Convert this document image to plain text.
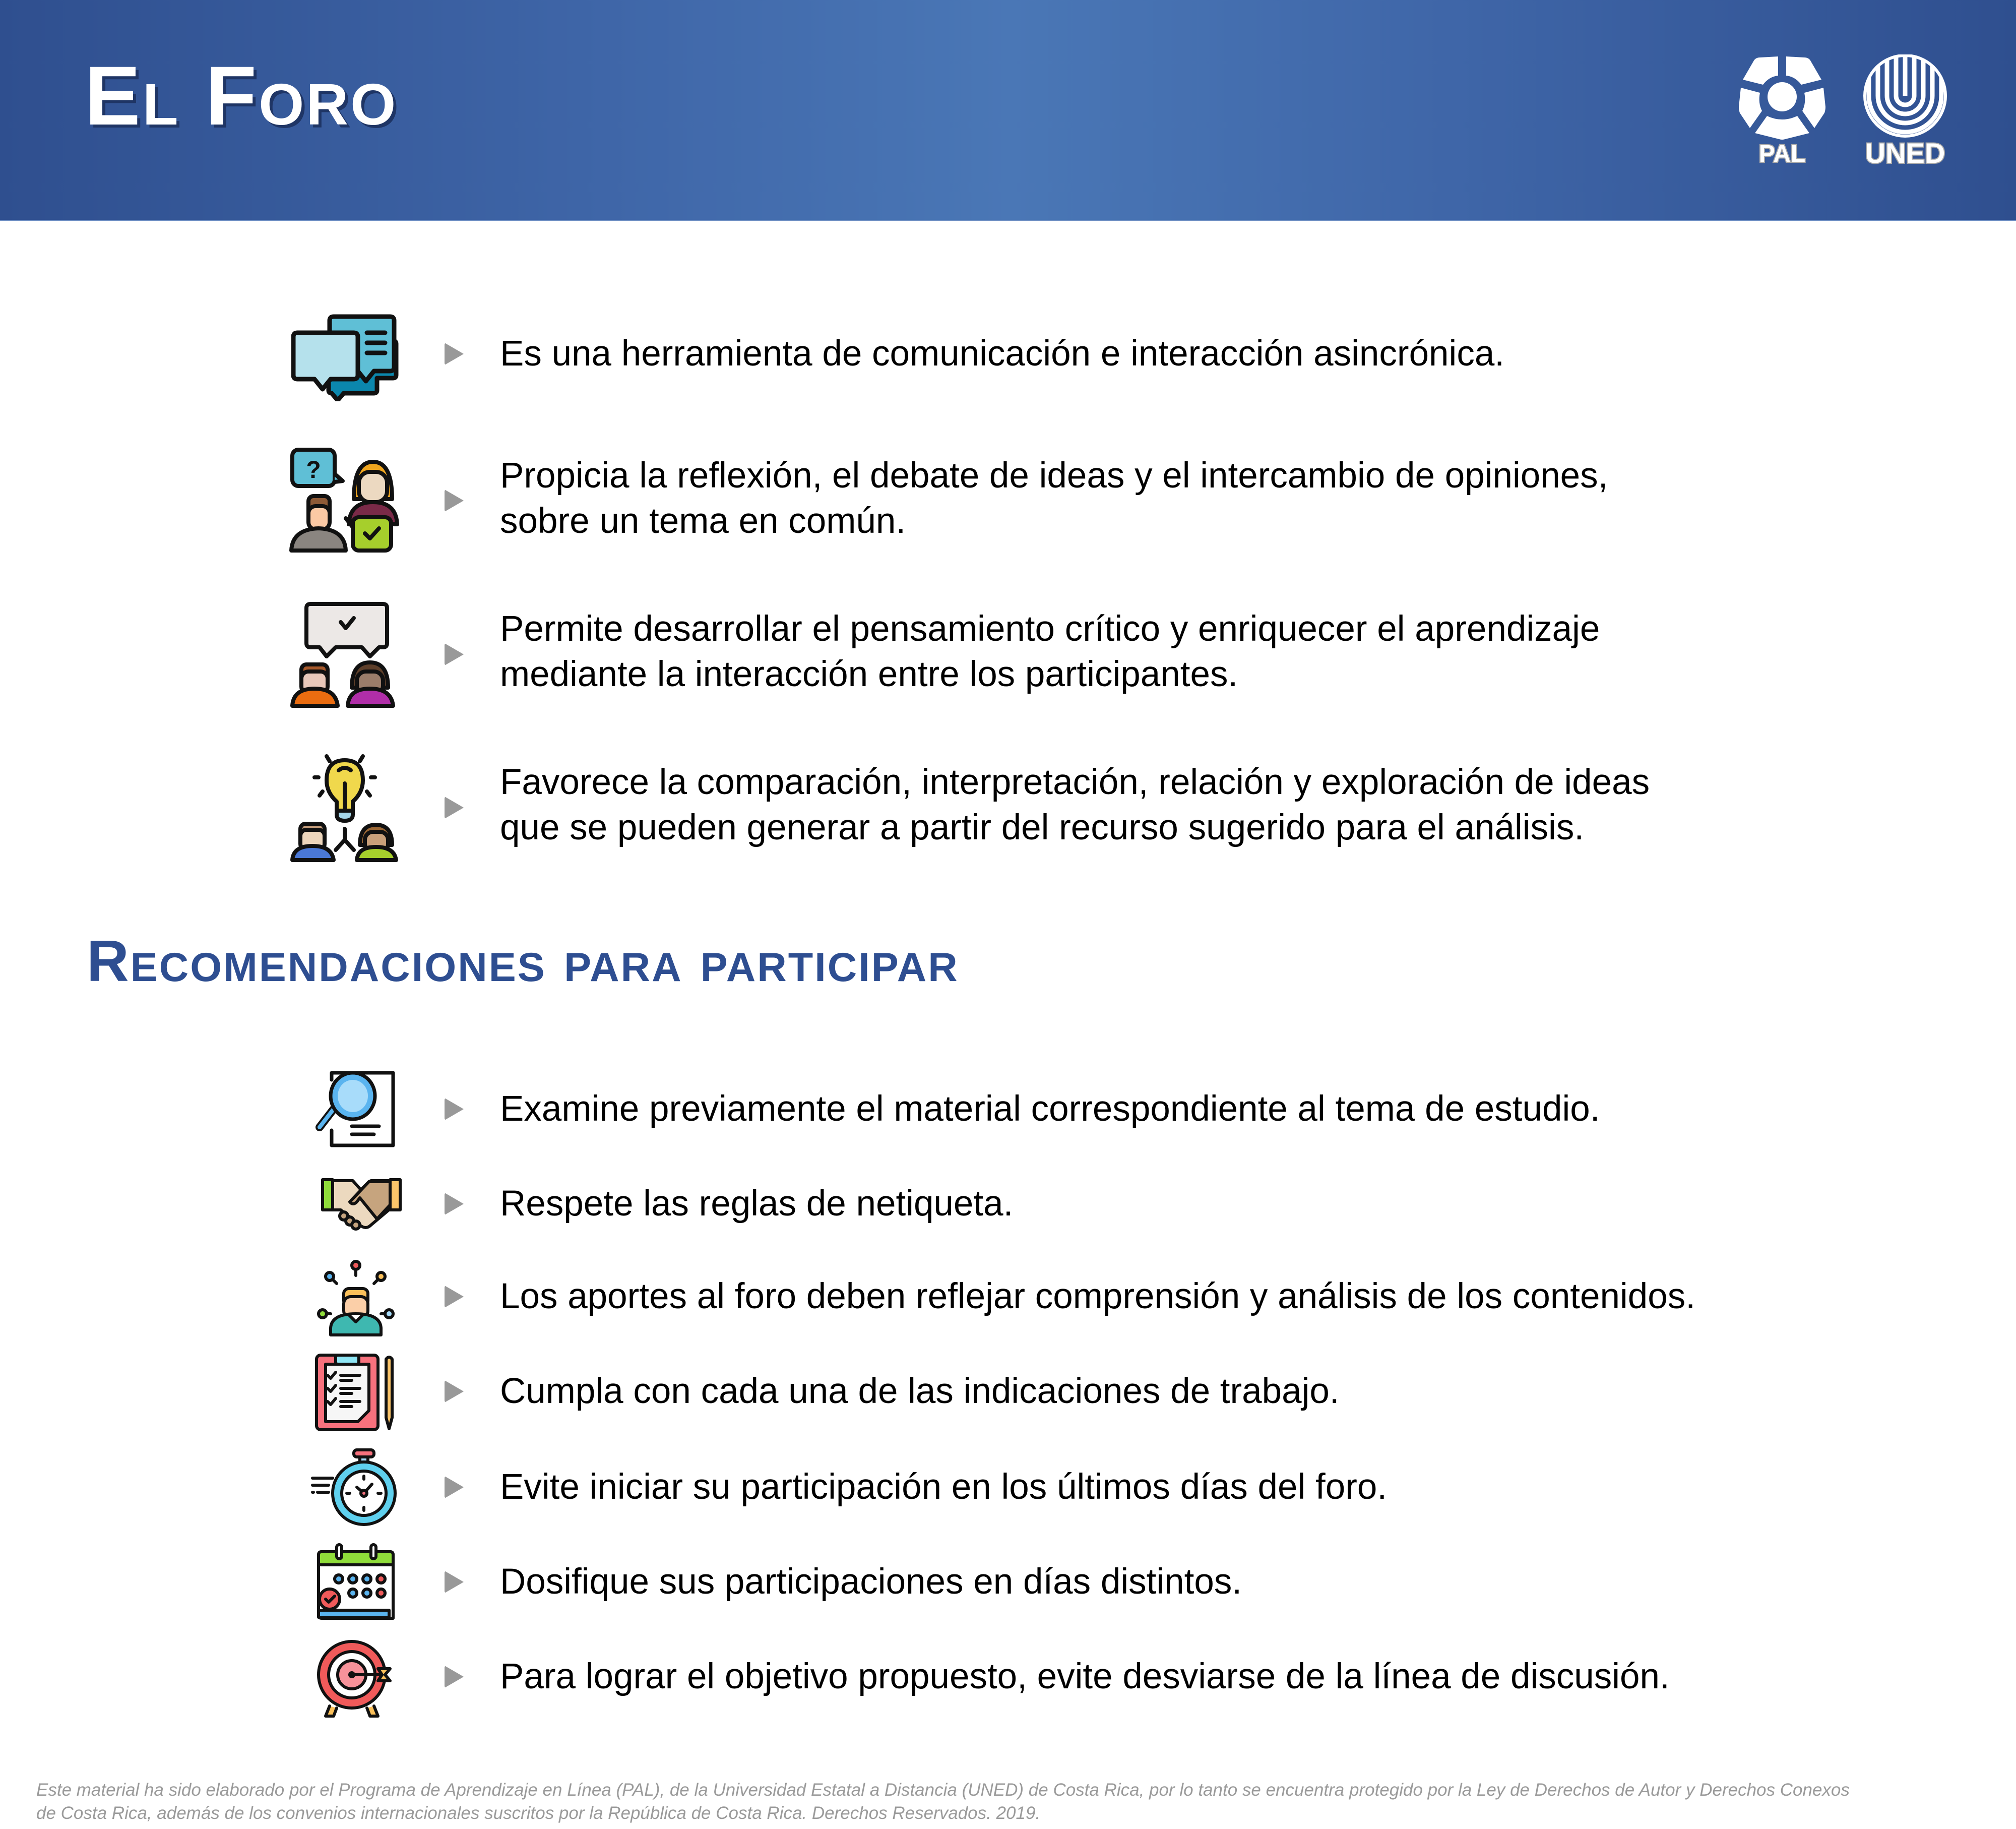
El Foro
PAL	UNED
Es una herramienta de comunicación e interacción asincrónica.
?	Propicia la reflexión, el debate de ideas y el intercambio de opiniones,
sobre un tema en común.
Permite desarrollar el pensamiento crítico y enriquecer el aprendizaje
mediante la interacción entre los participantes.
Favorece la comparación, interpretación, relación y exploración de ideas
que se pueden generar a partir del recurso sugerido para el análisis.
Recomendaciones para participar
Examine previamente el material correspondiente al tema de estudio.
Respete las reglas de netiqueta.
Los aportes al foro deben reflejar comprensión y análisis de los contenidos.
Cumpla con cada una de las indicaciones de trabajo.
Evite iniciar su participación en los últimos días del foro.
Dosifique sus participaciones en días distintos.
Para lograr el objetivo propuesto, evite desviarse de la línea de discusión.
Este material ha sido elaborado por el Programa de Aprendizaje en Línea (PAL), de la Universidad Estatal a Distancia (UNED) de Costa Rica, por lo tanto se encuentra protegido por la Ley de Derechos de Autor y Derechos Conexos
de Costa Rica, además de los convenios internacionales suscritos por la República de Costa Rica. Derechos Reservados. 2019.
